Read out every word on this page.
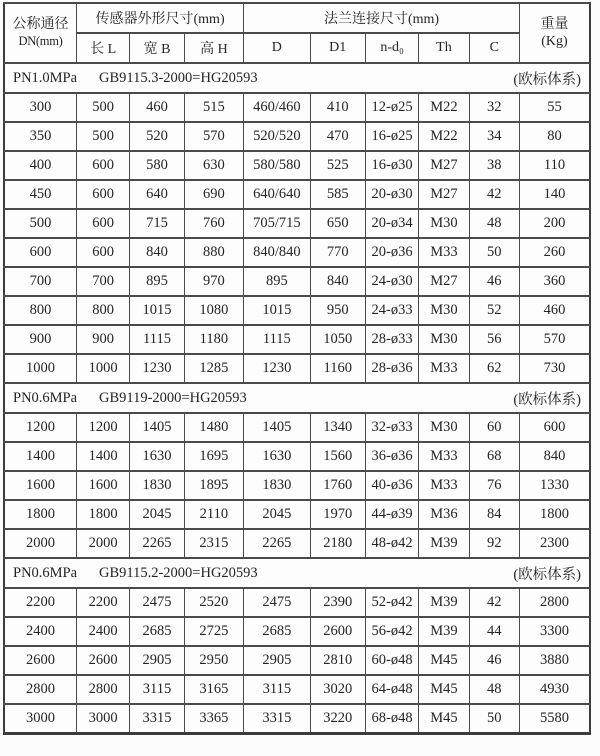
公称通径
DN(mm)
	传感器外形尺寸(mm)	法兰连接尺寸(mm)	重量
(Kg)

	长 L	宽 B	高 H	D	D1	n-d₀	Th	C	

PN1.0MPa GB9115.3-2000=HG20593 (欧标体系)									

300	500	460	515	460/460	410	12-ø25	M22	32	55
350	500	520	570	520/520	470	16-ø25	M22	34	80
400	600	580	630	580/580	525	16-ø30	M27	38	110
450	600	640	690	640/640	585	20-ø30	M27	42	140
500	600	715	760	705/715	650	20-ø34	M30	48	200
600	600	840	880	840/840	770	20-ø36	M33	50	260
700	700	895	970	895	840	24-ø30	M27	46	360
800	800	1015	1080	1015	950	24-ø33	M30	52	460
900	900	1115	1180	1115	1050	28-ø33	M30	56	570
1000	1000	1230	1285	1230	1160	28-ø36	M33	62	730

PN0.6MPa GB9119-2000=HG20593 (欧标体系)									

1200	1200	1405	1480	1405	1340	32-ø33	M30	60	600
1400	1400	1630	1695	1630	1560	36-ø36	M33	68	840
1600	1600	1830	1895	1830	1760	40-ø36	M33	76	1330
1800	1800	2045	2110	2045	1970	44-ø39	M36	84	1800
2000	2000	2265	2315	2265	2180	48-ø42	M39	92	2300

PN0.6MPa GB9115.2-2000=HG20593 (欧标体系)									

2200	2200	2475	2520	2475	2390	52-ø42	M39	42	2800
2400	2400	2685	2725	2685	2600	56-ø42	M39	44	3300
2600	2600	2905	2950	2905	2810	60-ø48	M45	46	3880
2800	2800	3115	3165	3115	3020	64-ø48	M45	48	4930
3000	3000	3315	3365	3315	3220	68-ø48	M45	50	5580
